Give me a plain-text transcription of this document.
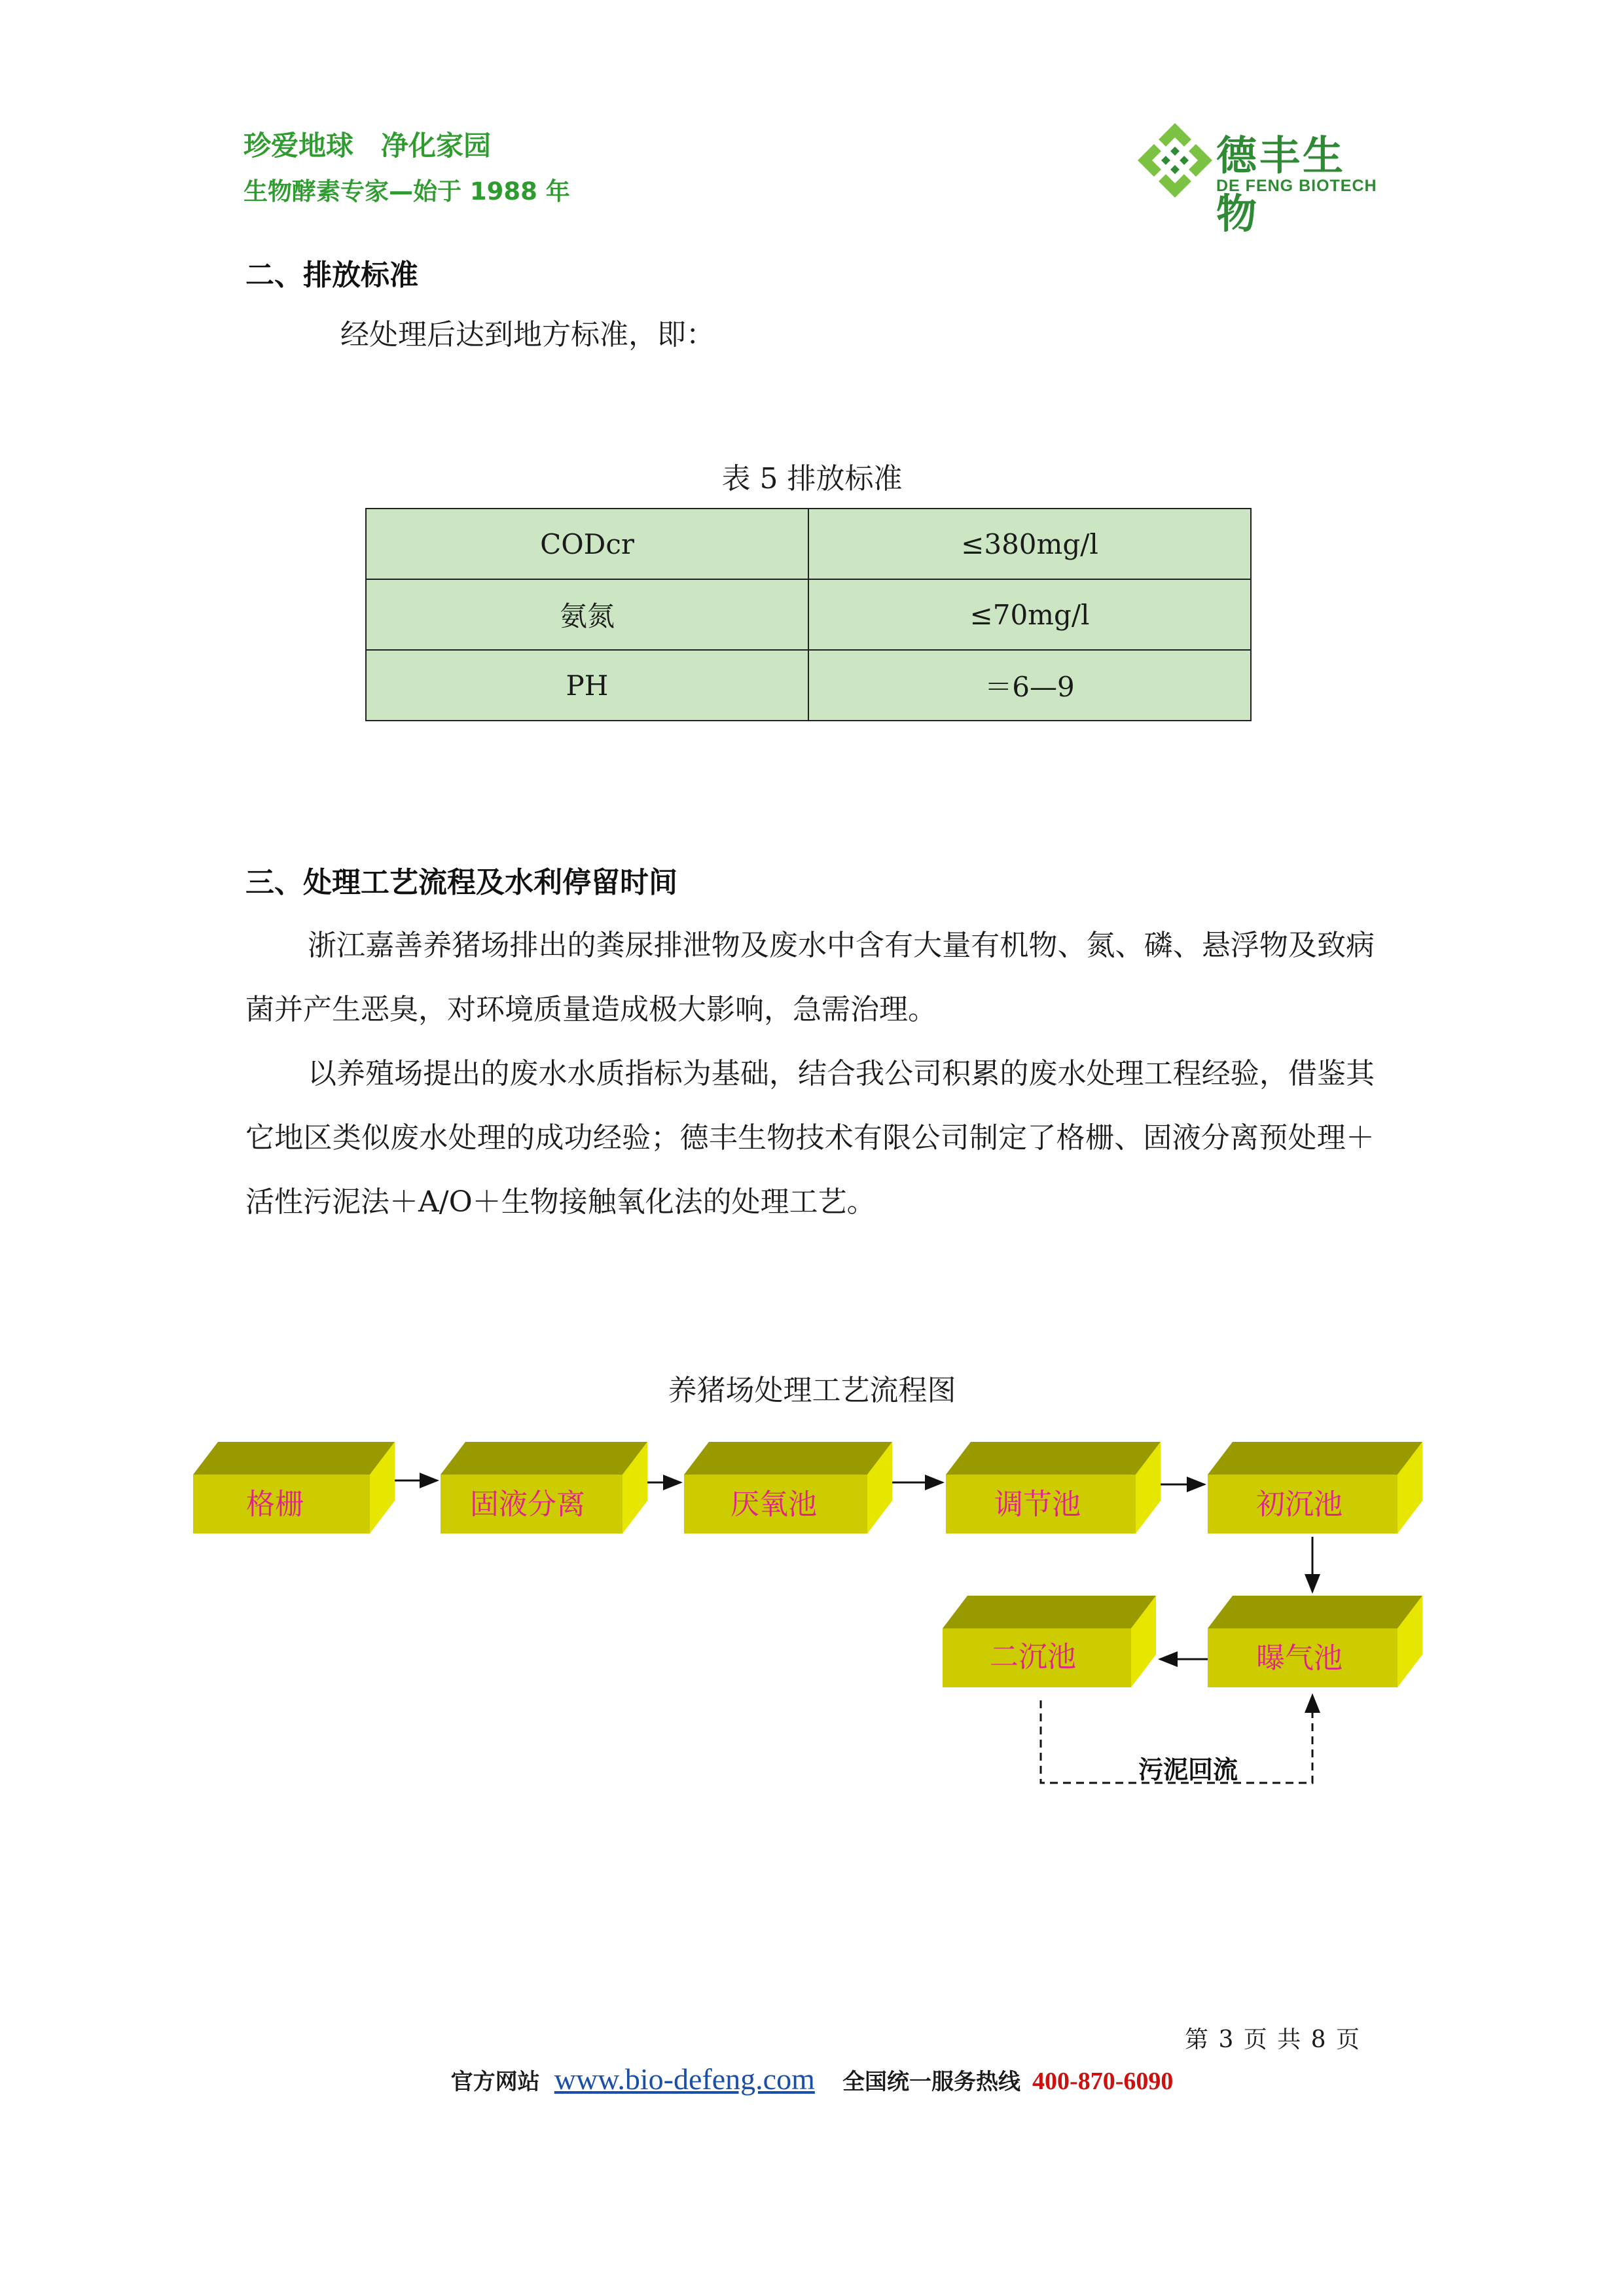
珍爱地球　净化家园
生物酵素专家—始于 1988 年
德丰生物
DE FENG BIOTECH
二、排放标准
经处理后达到地方标准，即：
表 5 排放标准
CODcr	≤380mg/l
氨氮	≤70mg/l
PH	＝6—9
三、处理工艺流程及水利停留时间
浙江嘉善养猪场排出的粪尿排泄物及废水中含有大量有机物、氮、磷、悬浮物及致病菌并产生恶臭，对环境质量造成极大影响，急需治理。
以养殖场提出的废水水质指标为基础，结合我公司积累的废水处理工程经验，借鉴其它地区类似废水处理的成功经验；德丰生物技术有限公司制定了格栅、固液分离预处理＋活性污泥法＋A/O＋生物接触氧化法的处理工艺。
养猪场处理工艺流程图
格栅	固液分离	厌氧池	调节池	初沉池
曝气池
二沉池
污泥回流
第 3 页 共 8 页
官方网站 www.bio-defeng.com 全国统一服务热线 400-870-6090
